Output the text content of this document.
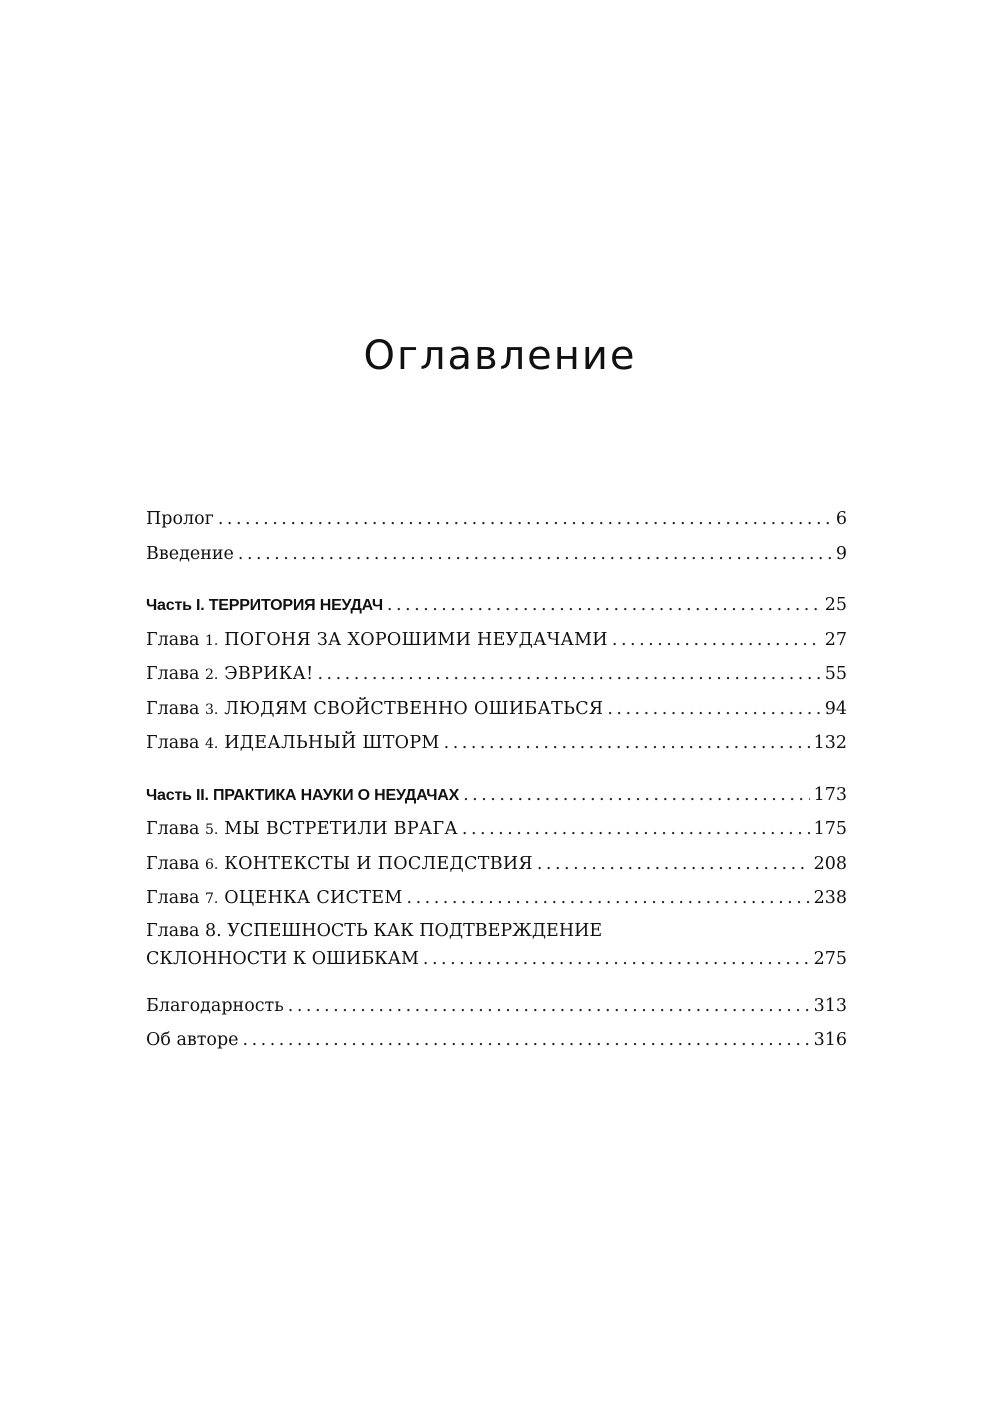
Оглавление
Пролог .....	6
Введение .....	9
Часть I. ТЕРРИТОРИЯ НЕУДАЧ .....	25
Глава 1. ПОГОНЯ ЗА ХОРОШИМИ НЕУДАЧАМИ .....	27
Глава 2. ЭВРИКА! .....	55
Глава 3. ЛЮДЯМ СВОЙСТВЕННО ОШИБАТЬСЯ .....	94
Глава 4. ИДЕАЛЬНЫЙ ШТОРМ .....	132
Часть II. ПРАКТИКА НАУКИ О НЕУДАЧАХ .....	173
Глава 5. МЫ ВСТРЕТИЛИ ВРАГА .....	175
Глава 6. КОНТЕКСТЫ И ПОСЛЕДСТВИЯ .....	208
Глава 7. ОЦЕНКА СИСТЕМ .....	238
Глава 8. УСПЕШНОСТЬ КАК ПОДТВЕРЖДЕНИЕ
СКЛОННОСТИ К ОШИБКАМ .....	275
Благодарность .....	313
Об авторе .....	316
